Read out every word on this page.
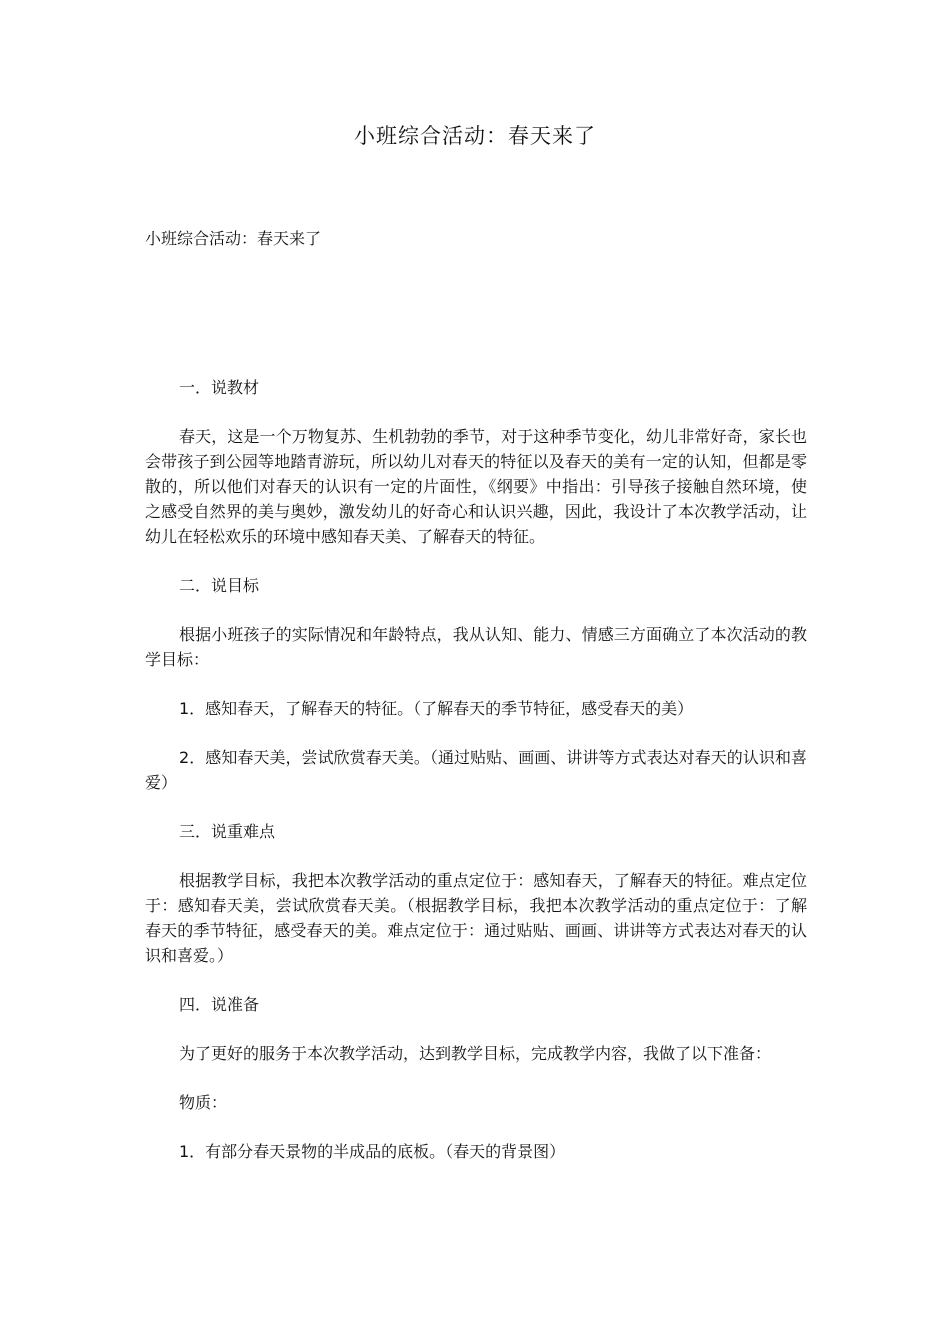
小班综合活动：春天来了
小班综合活动：春天来了

一．说教材

春天，这是一个万物复苏、生机勃勃的季节，对于这种季节变化，幼儿非常好奇，家长也会带孩子到公园等地踏青游玩，所以幼儿对春天的特征以及春天的美有一定的认知，但都是零散的，所以他们对春天的认识有一定的片面性，《纲要》中指出：引导孩子接触自然环境，使之感受自然界的美与奥妙，激发幼儿的好奇心和认识兴趣，因此，我设计了本次教学活动，让幼儿在轻松欢乐的环境中感知春天美、了解春天的特征。

二．说目标

根据小班孩子的实际情况和年龄特点，我从认知、能力、情感三方面确立了本次活动的教学目标：

1．感知春天，了解春天的特征。（了解春天的季节特征，感受春天的美）

2．感知春天美，尝试欣赏春天美。（通过贴贴、画画、讲讲等方式表达对春天的认识和喜爱）

三．说重难点

根据教学目标，我把本次教学活动的重点定位于：感知春天，了解春天的特征。难点定位于：感知春天美，尝试欣赏春天美。（根据教学目标，我把本次教学活动的重点定位于：了解春天的季节特征，感受春天的美。难点定位于：通过贴贴、画画、讲讲等方式表达对春天的认识和喜爱。）

四．说准备

为了更好的服务于本次教学活动，达到教学目标，完成教学内容，我做了以下准备：

物质：

1．有部分春天景物的半成品的底板。（春天的背景图）
